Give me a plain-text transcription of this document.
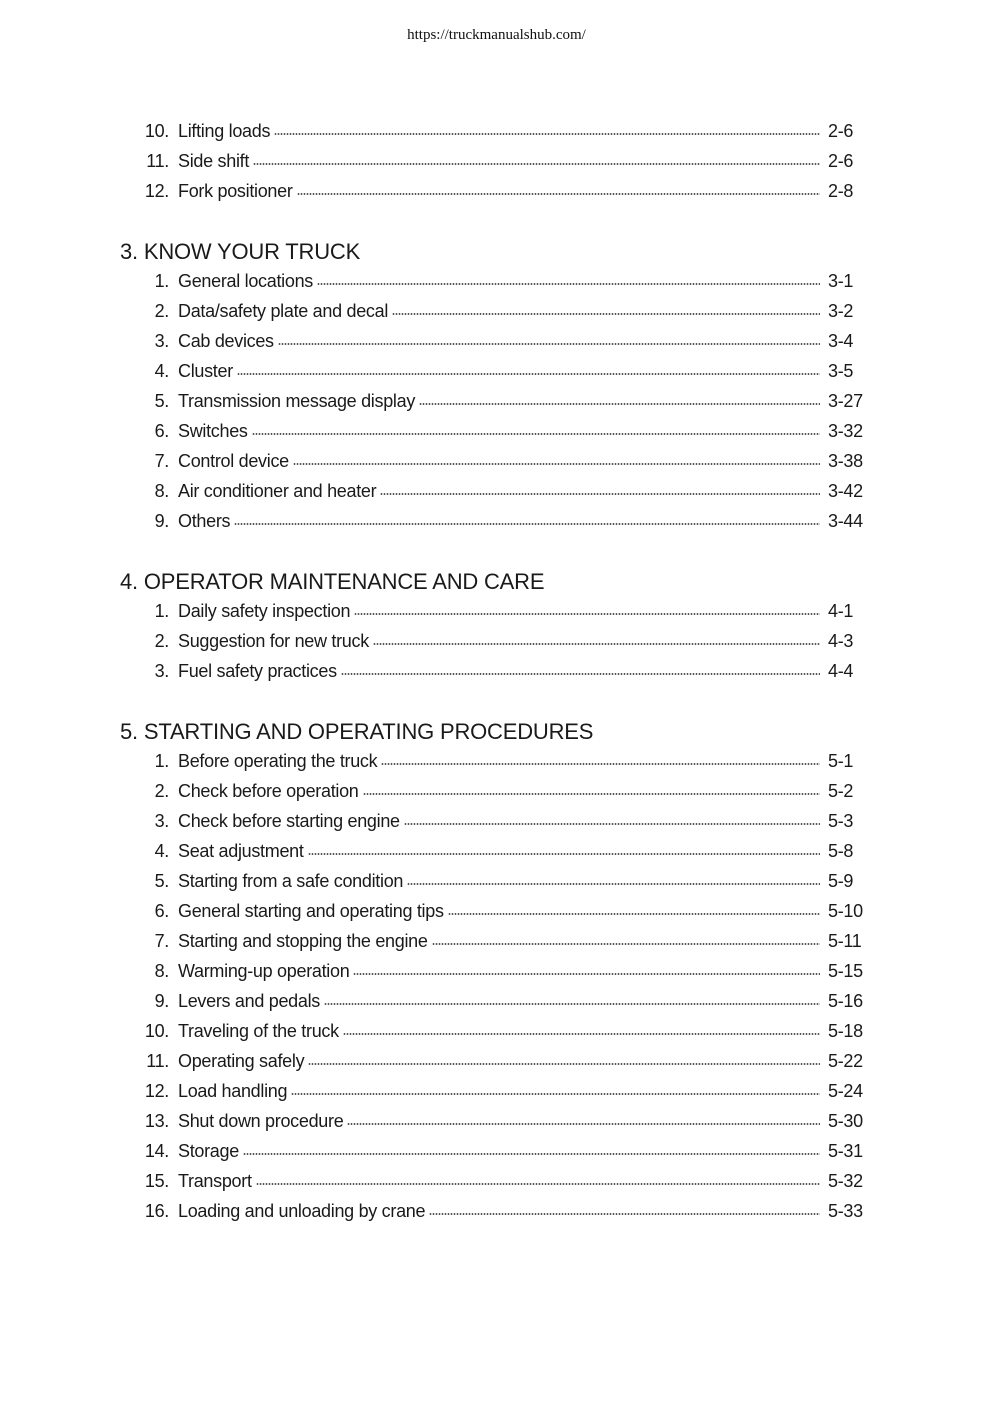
https://truckmanualshub.com/
10. Lifting loads	2-6
11. Side shift	2-6
12. Fork positioner	2-8
3. KNOW YOUR TRUCK
1. General locations	3-1
2. Data/safety plate and decal	3-2
3. Cab devices	3-4
4. Cluster	3-5
5. Transmission message display	3-27
6. Switches	3-32
7. Control device	3-38
8. Air conditioner and heater	3-42
9. Others	3-44
4. OPERATOR MAINTENANCE AND CARE
1. Daily safety inspection	4-1
2. Suggestion for new truck	4-3
3. Fuel safety practices	4-4
5. STARTING AND OPERATING PROCEDURES
1. Before operating the truck	5-1
2. Check before operation	5-2
3. Check before starting engine	5-3
4. Seat adjustment	5-8
5. Starting from a safe condition	5-9
6. General starting and operating tips	5-10
7. Starting and stopping the engine	5-11
8. Warming-up operation	5-15
9. Levers and pedals	5-16
10. Traveling of the truck	5-18
11. Operating safely	5-22
12. Load handling	5-24
13. Shut down procedure	5-30
14. Storage	5-31
15. Transport	5-32
16. Loading and unloading by crane	5-33
